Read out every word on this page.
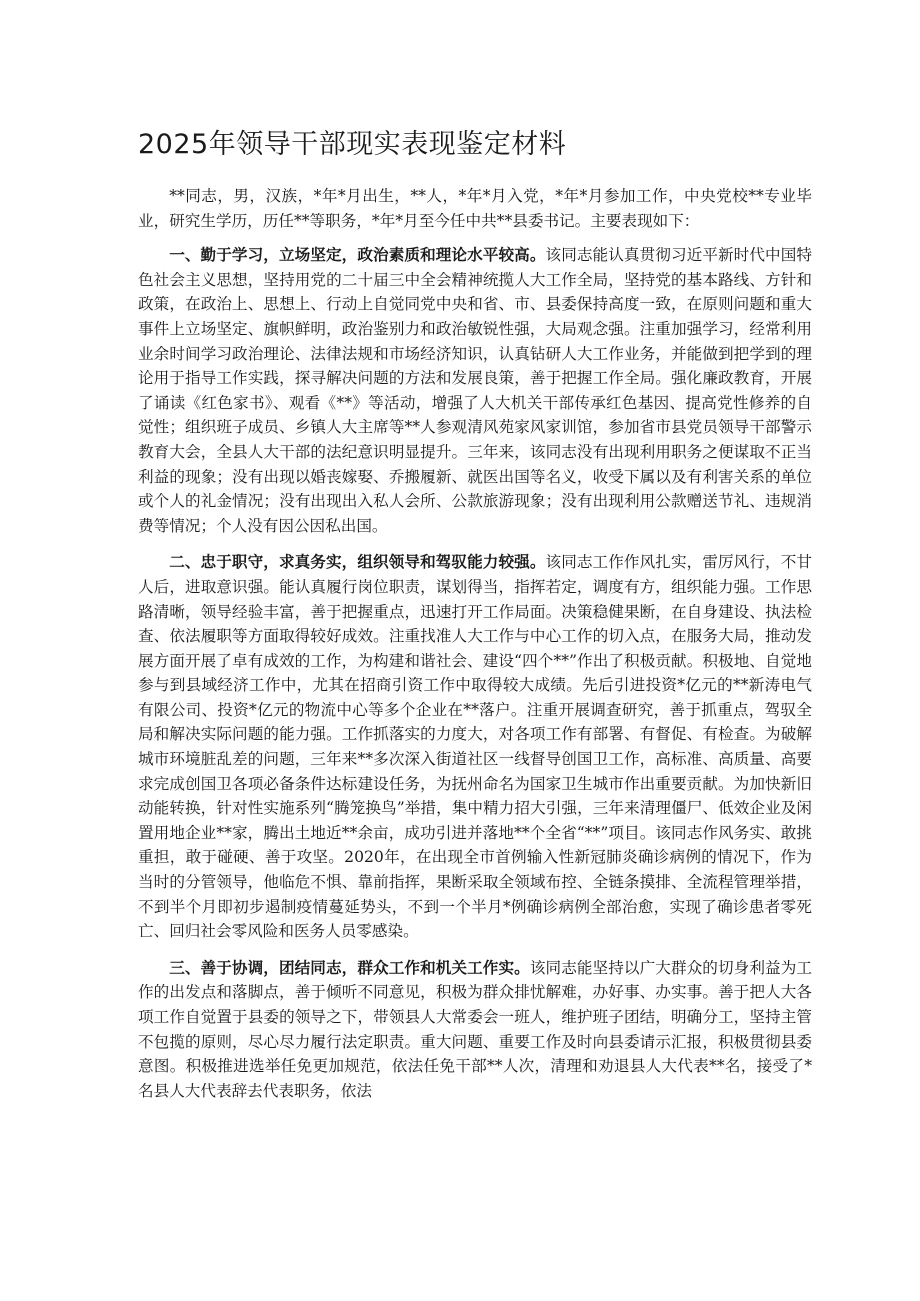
2025年领导干部现实表现鉴定材料

**同志，男，汉族，*年*月出生，**人，*年*月入党，*年*月参加工作，中央党校**专业毕业，研究生学历，历任**等职务，*年*月至今任中共**县委书记。主要表现如下：

一、勤于学习，立场坚定，政治素质和理论水平较高。该同志能认真贯彻习近平新时代中国特色社会主义思想，坚持用党的二十届三中全会精神统揽人大工作全局，坚持党的基本路线、方针和政策，在政治上、思想上、行动上自觉同党中央和省、市、县委保持高度一致，在原则问题和重大事件上立场坚定、旗帜鲜明，政治鉴别力和政治敏锐性强，大局观念强。注重加强学习，经常利用业余时间学习政治理论、法律法规和市场经济知识，认真钻研人大工作业务，并能做到把学到的理论用于指导工作实践，探寻解决问题的方法和发展良策，善于把握工作全局。强化廉政教育，开展了诵读《红色家书》、观看《**》等活动，增强了人大机关干部传承红色基因、提高党性修养的自觉性；组织班子成员、乡镇人大主席等**人参观清风苑家风家训馆，参加省市县党员领导干部警示教育大会，全县人大干部的法纪意识明显提升。三年来，该同志没有出现利用职务之便谋取不正当利益的现象；没有出现以婚丧嫁娶、乔搬履新、就医出国等名义，收受下属以及有利害关系的单位或个人的礼金情况；没有出现出入私人会所、公款旅游现象；没有出现利用公款赠送节礼、违规消费等情况；个人没有因公因私出国。

二、忠于职守，求真务实，组织领导和驾驭能力较强。该同志工作作风扎实，雷厉风行，不甘人后，进取意识强。能认真履行岗位职责，谋划得当，指挥若定，调度有方，组织能力强。工作思路清晰，领导经验丰富，善于把握重点，迅速打开工作局面。决策稳健果断，在自身建设、执法检查、依法履职等方面取得较好成效。注重找准人大工作与中心工作的切入点，在服务大局，推动发展方面开展了卓有成效的工作，为构建和谐社会、建设“四个**”作出了积极贡献。积极地、自觉地参与到县域经济工作中，尤其在招商引资工作中取得较大成绩。先后引进投资*亿元的**新涛电气有限公司、投资*亿元的物流中心等多个企业在**落户。注重开展调查研究，善于抓重点，驾驭全局和解决实际问题的能力强。工作抓落实的力度大，对各项工作有部署、有督促、有检查。为破解城市环境脏乱差的问题，三年来**多次深入街道社区一线督导创国卫工作，高标准、高质量、高要求完成创国卫各项必备条件达标建设任务，为抚州命名为国家卫生城市作出重要贡献。为加快新旧动能转换，针对性实施系列“腾笼换鸟”举措，集中精力招大引强，三年来清理僵尸、低效企业及闲置用地企业**家，腾出土地近**余亩，成功引进并落地**个全省“**”项目。该同志作风务实、敢挑重担，敢于碰硬、善于攻坚。2020年，在出现全市首例输入性新冠肺炎确诊病例的情况下，作为当时的分管领导，他临危不惧、靠前指挥，果断采取全领域布控、全链条摸排、全流程管理举措，不到半个月即初步遏制疫情蔓延势头，不到一个半月*例确诊病例全部治愈，实现了确诊患者零死亡、回归社会零风险和医务人员零感染。

三、善于协调，团结同志，群众工作和机关工作实。该同志能坚持以广大群众的切身利益为工作的出发点和落脚点，善于倾听不同意见，积极为群众排忧解难，办好事、办实事。善于把人大各项工作自觉置于县委的领导之下，带领县人大常委会一班人，维护班子团结，明确分工，坚持主管不包揽的原则，尽心尽力履行法定职责。重大问题、重要工作及时向县委请示汇报，积极贯彻县委意图。积极推进选举任免更加规范，依法任免干部**人次，清理和劝退县人大代表**名，接受了*名县人大代表辞去代表职务，依法
